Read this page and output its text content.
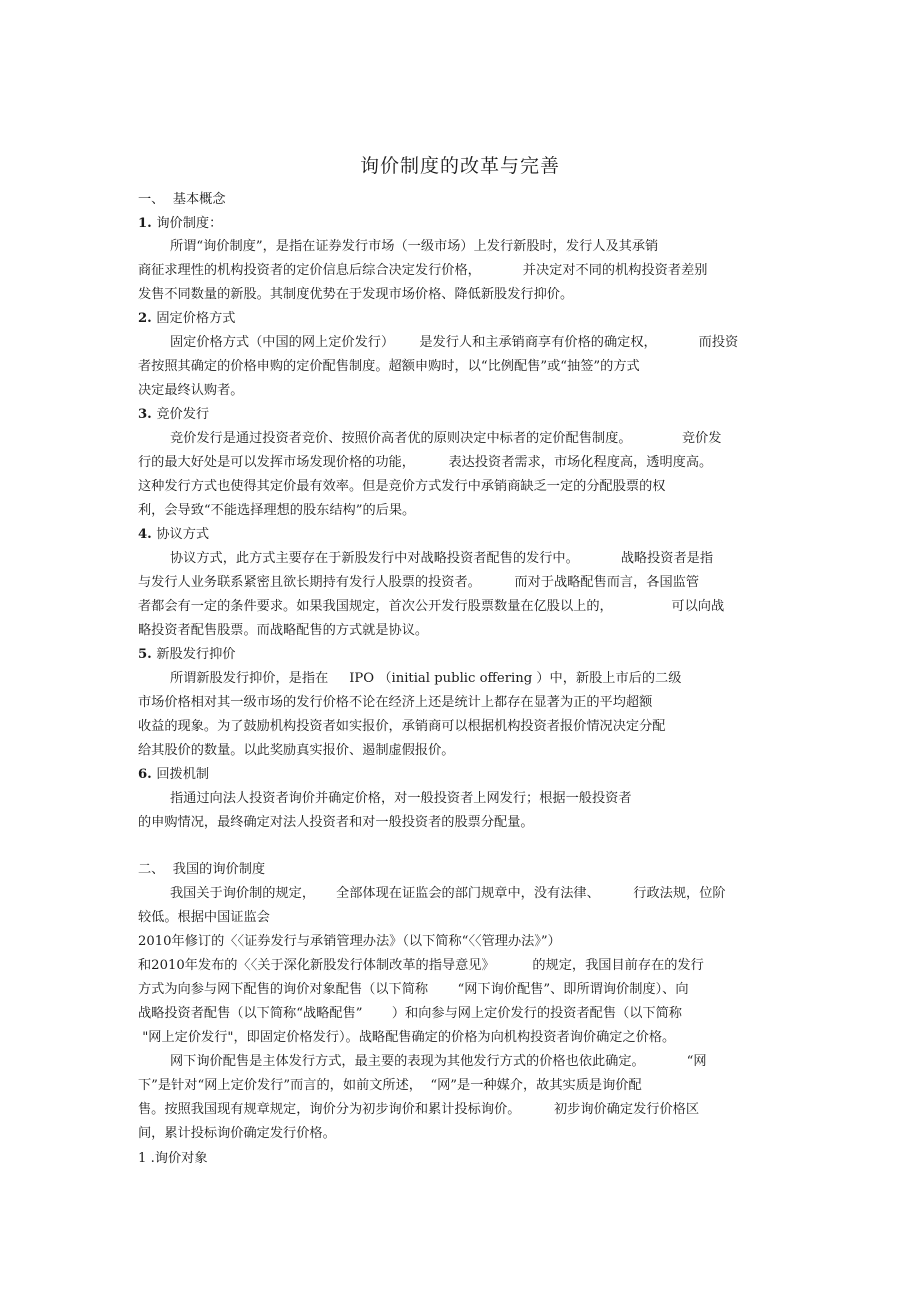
询价制度的改革与完善
一、  基本概念
1. 询价制度：
所谓“询价制度”，是指在证券发行市场（一级市场）上发行新股时，发行人及其承销
商征求理性的机构投资者的定价信息后综合决定发行价格，          并决定对不同的机构投资者差别
发售不同数量的新股。其制度优势在于发现市场价格、降低新股发行抑价。
2. 固定价格方式
固定价格方式（中国的网上定价发行）      是发行人和主承销商享有价格的确定权，          而投资
者按照其确定的价格申购的定价配售制度。超额申购时，以“比例配售”或“抽签”的方式
决定最终认购者。
3. 竞价发行
竞价发行是通过投资者竞价、按照价高者优的原则决定中标者的定价配售制度。            竞价发
行的最大好处是可以发挥市场发现价格的功能，        表达投资者需求，市场化程度高，透明度高。
这种发行方式也使得其定价最有效率。但是竞价方式发行中承销商缺乏一定的分配股票的权
利，会导致“不能选择理想的股东结构”的后果。
4. 协议方式
协议方式，此方式主要存在于新股发行中对战略投资者配售的发行中。          战略投资者是指
与发行人业务联系紧密且欲长期持有发行人股票的投资者。        而对于战略配售而言，各国监管
者都会有一定的条件要求。如果我国规定，首次公开发行股票数量在亿股以上的，              可以向战
略投资者配售股票。而战略配售的方式就是协议。
5. 新股发行抑价
所谓新股发行抑价，是指在     IPO （initial public offering ）中，新股上市后的二级
市场价格相对其一级市场的发行价格不论在经济上还是统计上都存在显著为正的平均超额
收益的现象。为了鼓励机构投资者如实报价，承销商可以根据机构投资者报价情况决定分配
给其股价的数量。以此奖励真实报价、遏制虚假报价。
6. 回拨机制
指通过向法人投资者询价并确定价格，对一般投资者上网发行；根据一般投资者
的申购情况，最终确定对法人投资者和对一般投资者的股票分配量。
二、  我国的询价制度
我国关于询价制的规定，     全部体现在证监会的部门规章中，没有法律、        行政法规，位阶
较低。根据中国证监会
2010年修订的〈〈证券发行与承销管理办法》（以下简称“〈〈管理办法》”）
和2010年发布的〈〈关于深化新股发行体制改革的指导意见》         的规定，我国目前存在的发行
方式为向参与网下配售的询价对象配售（以下简称       “网下询价配售”、即所谓询价制度）、向
战略投资者配售（以下简称“战略配售”       ）和向参与网上定价发行的投资者配售（以下简称
"网上定价发行"，即固定价格发行）。战略配售确定的价格为向机构投资者询价确定之价格。
网下询价配售是主体发行方式，最主要的表现为其他发行方式的价格也依此确定。          “网
下”是针对“网上定价发行”而言的，如前文所述，  “网”是一种媒介，故其实质是询价配
售。按照我国现有规章规定，询价分为初步询价和累计投标询价。        初步询价确定发行价格区
间，累计投标询价确定发行价格。
1 .询价对象
